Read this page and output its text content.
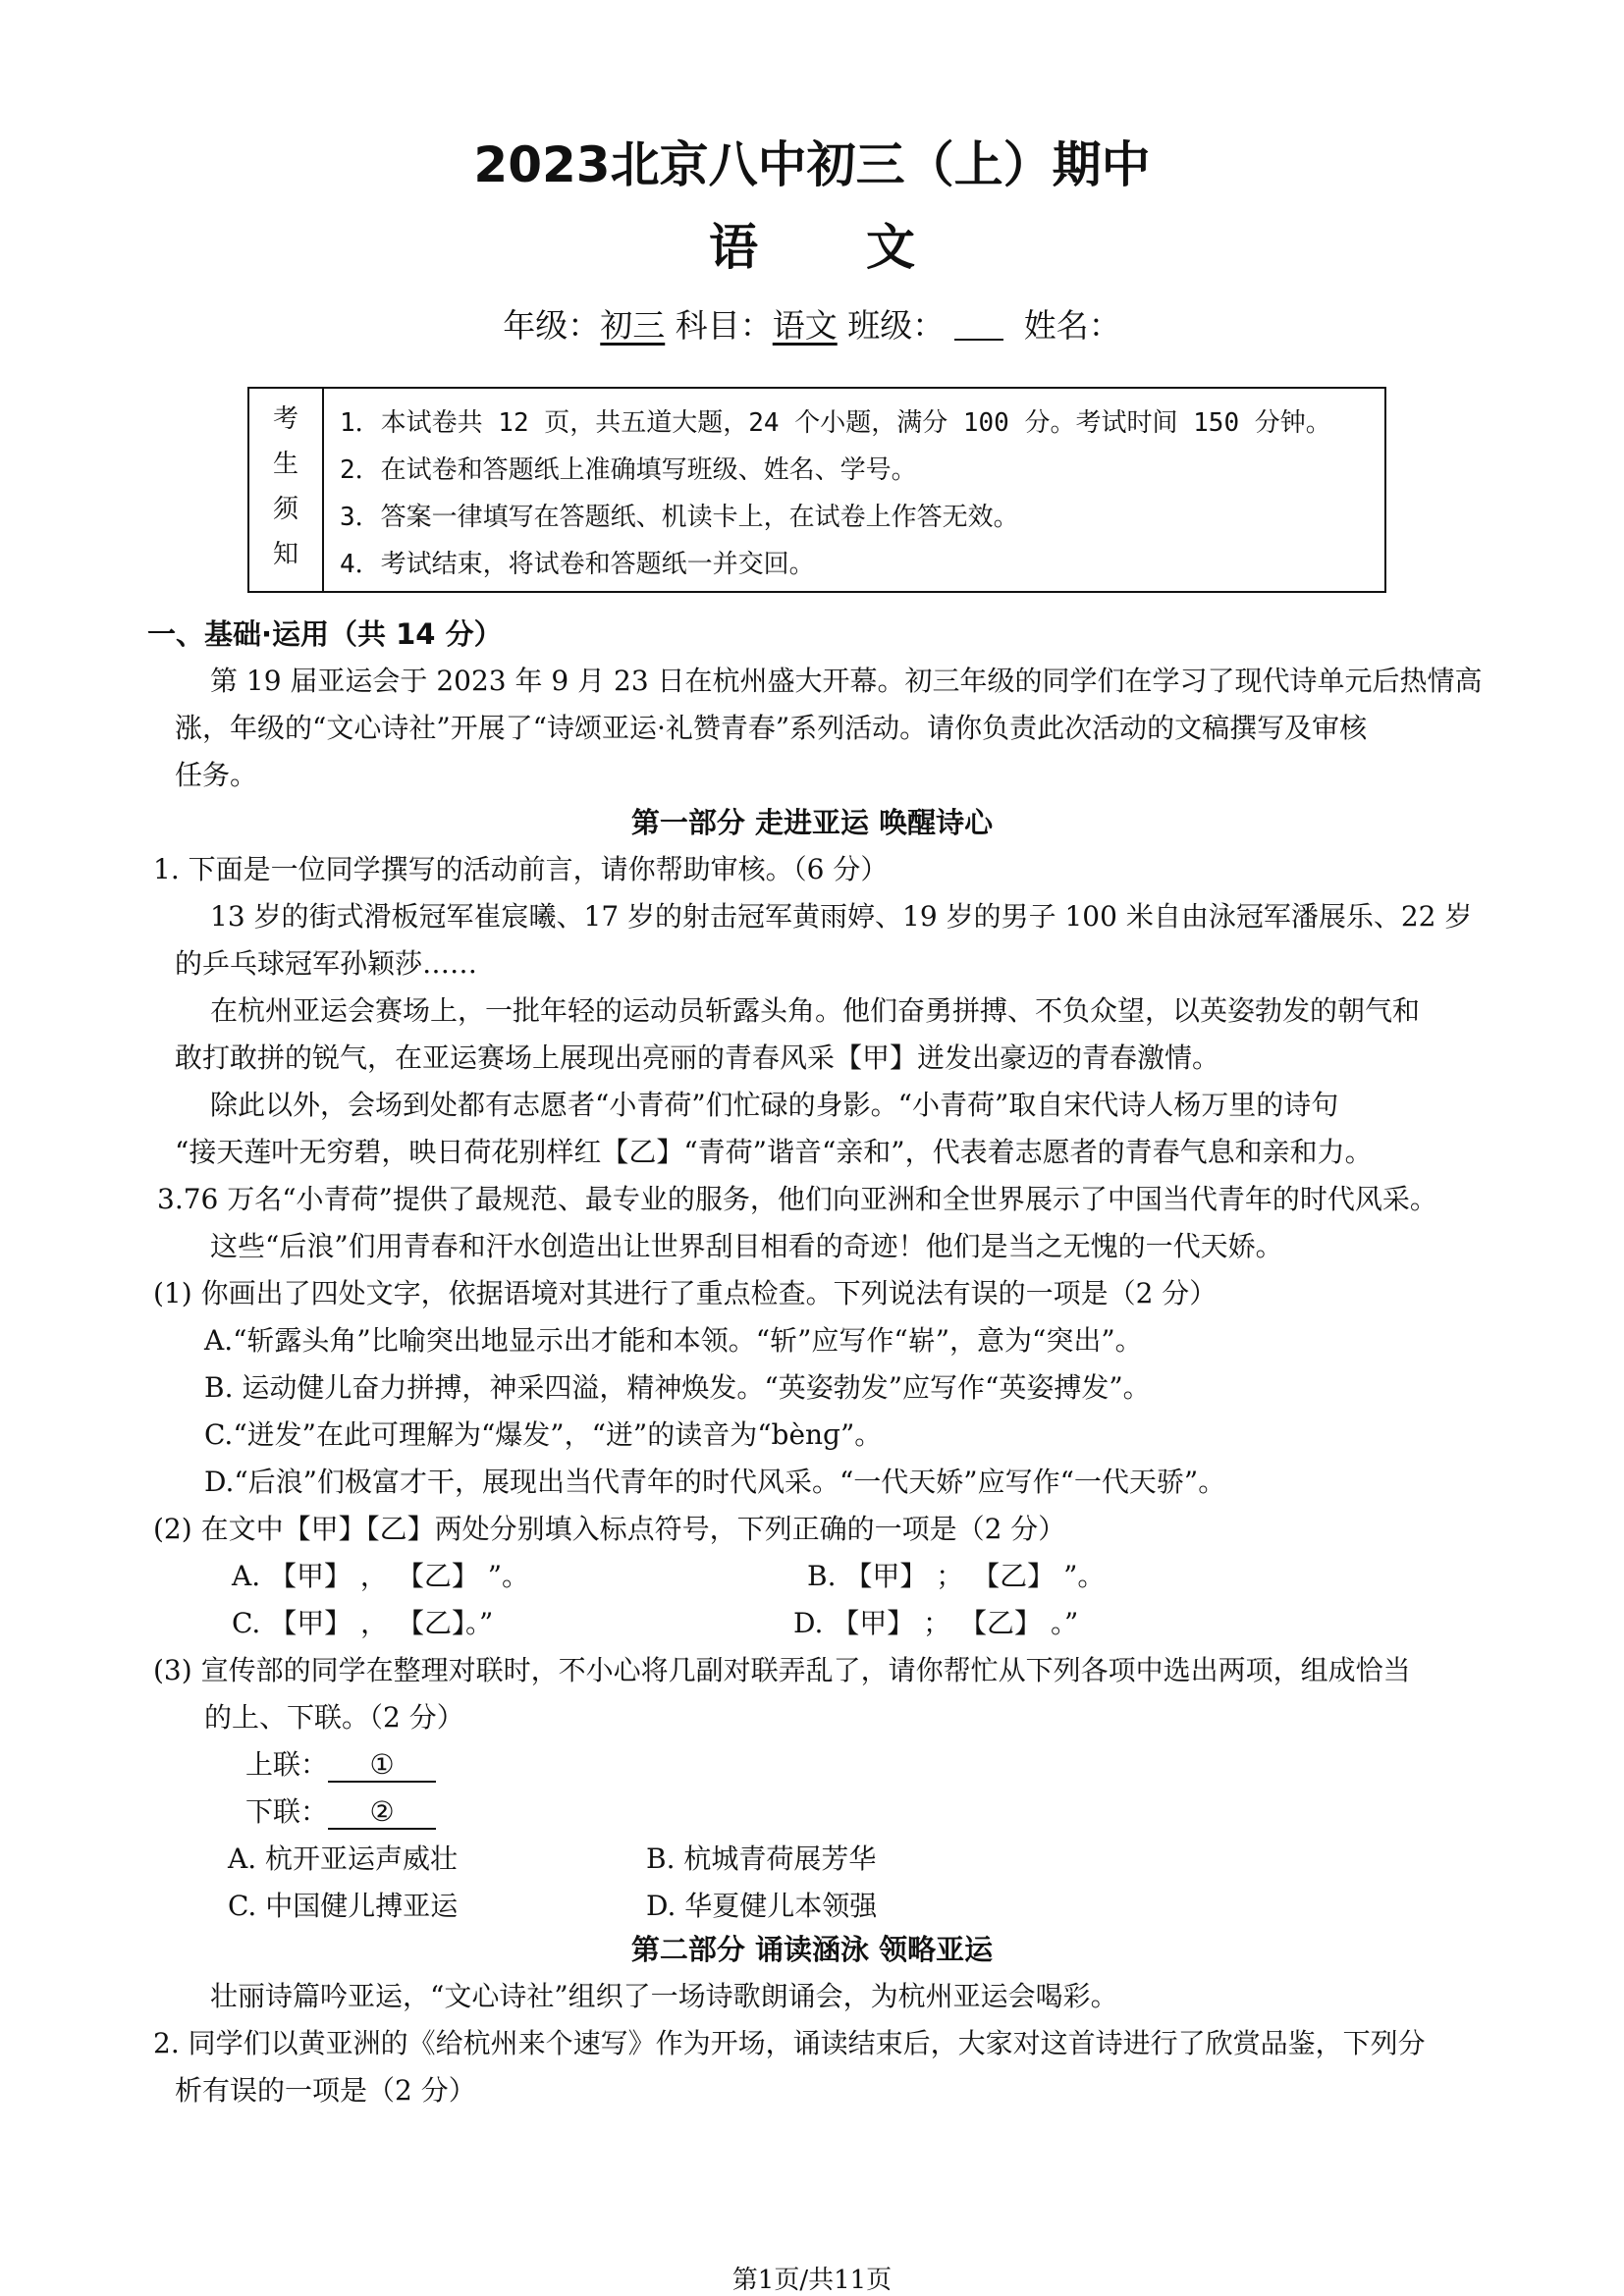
2023北京八中初三（上）期中
语文
年级：初三 科目：语文 班级： 姓名：
考
生
须
知
1．本试卷共 12 页，共五道大题，24 个小题，满分 100 分。考试时间 150 分钟。
2．在试卷和答题纸上准确填写班级、姓名、学号。
3．答案一律填写在答题纸、机读卡上，在试卷上作答无效。
4．考试结束，将试卷和答题纸一并交回。
一、基础·运用（共 14 分）
第 19 届亚运会于 2023 年 9 月 23 日在杭州盛大开幕。初三年级的同学们在学习了现代诗单元后热情高
涨，年级的“文心诗社”开展了“诗颂亚运·礼赞青春”系列活动。请你负责此次活动的文稿撰写及审核
任务。
第一部分 走进亚运 唤醒诗心
1. 下面是一位同学撰写的活动前言，请你帮助审核。（6 分）
13 岁的街式滑板冠军崔宸曦、17 岁的射击冠军黄雨婷、19 岁的男子 100 米自由泳冠军潘展乐、22 岁
的乒乓球冠军孙颖莎……
在杭州亚运会赛场上，一批年轻的运动员斩露头角。他们奋勇拼搏、不负众望，以英姿勃发的朝气和
敢打敢拼的锐气，在亚运赛场上展现出亮丽的青春风采【甲】迸发出豪迈的青春激情。
除此以外，会场到处都有志愿者“小青荷”们忙碌的身影。“小青荷”取自宋代诗人杨万里的诗句
“接天莲叶无穷碧，映日荷花别样红【乙】“青荷”谐音“亲和”，代表着志愿者的青春气息和亲和力。
3.76 万名“小青荷”提供了最规范、最专业的服务，他们向亚洲和全世界展示了中国当代青年的时代风采。
这些“后浪”们用青春和汗水创造出让世界刮目相看的奇迹！他们是当之无愧的一代天娇。
(1) 你画出了四处文字，依据语境对其进行了重点检查。下列说法有误的一项是（2 分）
A.“斩露头角”比喻突出地显示出才能和本领。“斩”应写作“崭”，意为“突出”。
B. 运动健儿奋力拼搏，神采四溢，精神焕发。“英姿勃发”应写作“英姿搏发”。
C.“迸发”在此可理解为“爆发”，“迸”的读音为“bènɡ”。
D.“后浪”们极富才干，展现出当代青年的时代风采。“一代天娇”应写作“一代天骄”。
(2) 在文中【甲】【乙】两处分别填入标点符号，下列正确的一项是（2 分）
A. 【甲】 ， 【乙】 ”。	B. 【甲】 ； 【乙】 ”。
C. 【甲】 ， 【乙】。”	D. 【甲】 ； 【乙】 。”
(3) 宣传部的同学在整理对联时，不小心将几副对联弄乱了，请你帮忙从下列各项中选出两项，组成恰当
的上、下联。（2 分）
上联： ①
下联： ②
A. 杭开亚运声威壮	B. 杭城青荷展芳华
C. 中国健儿搏亚运	D. 华夏健儿本领强
第二部分 诵读涵泳 领略亚运
壮丽诗篇吟亚运，“文心诗社”组织了一场诗歌朗诵会，为杭州亚运会喝彩。
2. 同学们以黄亚洲的《给杭州来个速写》作为开场，诵读结束后，大家对这首诗进行了欣赏品鉴，下列分
析有误的一项是（2 分）
第1页/共11页
